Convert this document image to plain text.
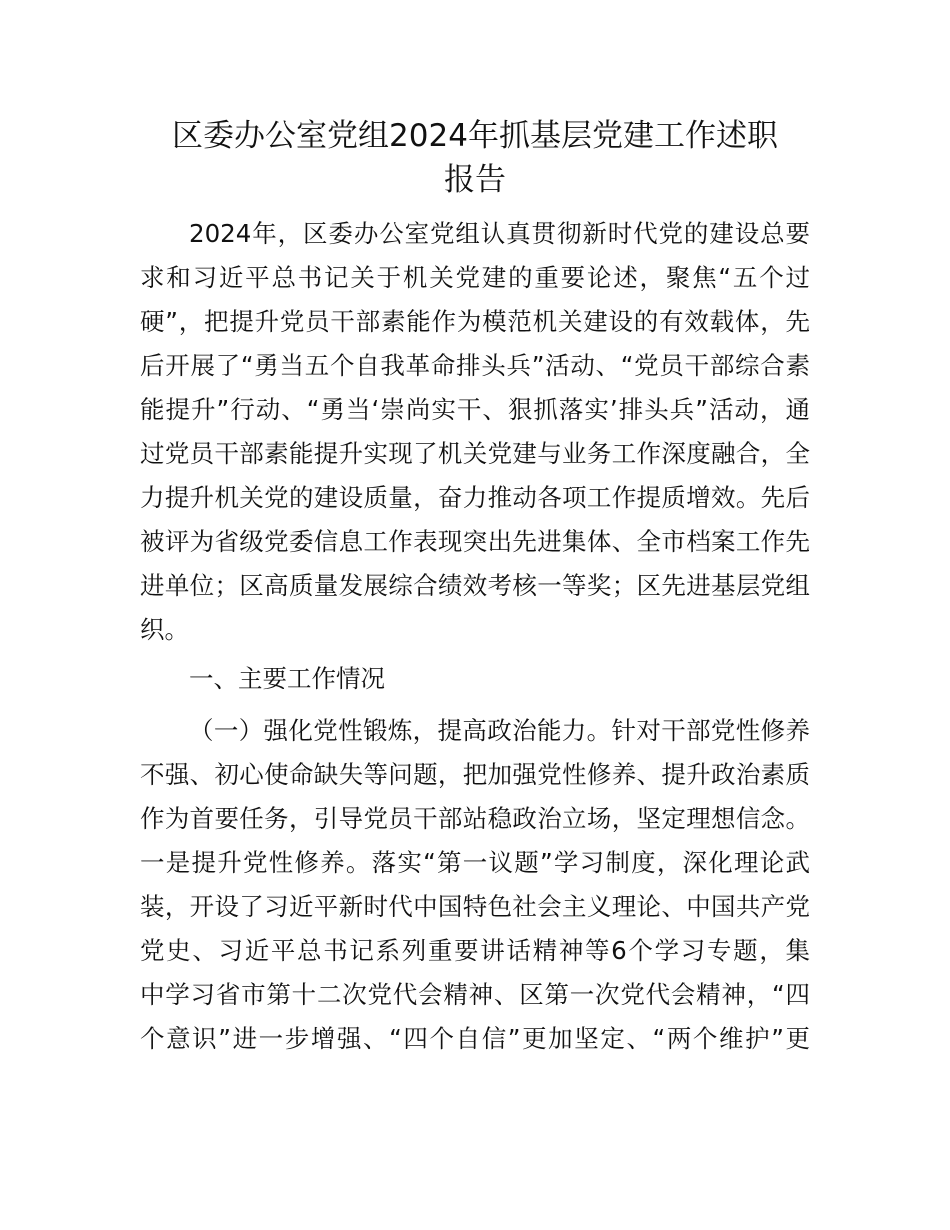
区委办公室党组2024年抓基层党建工作述职
报告
2024年，区委办公室党组认真贯彻新时代党的建设总要
求和习近平总书记关于机关党建的重要论述，聚焦“五个过
硬”，把提升党员干部素能作为模范机关建设的有效载体，先
后开展了“勇当五个自我革命排头兵”活动、“党员干部综合素
能提升”行动、“勇当‘崇尚实干、狠抓落实’排头兵”活动，通
过党员干部素能提升实现了机关党建与业务工作深度融合，全
力提升机关党的建设质量，奋力推动各项工作提质增效。先后
被评为省级党委信息工作表现突出先进集体、全市档案工作先
进单位；区高质量发展综合绩效考核一等奖；区先进基层党组
织。
一、主要工作情况
（一）强化党性锻炼，提高政治能力。针对干部党性修养
不强、初心使命缺失等问题，把加强党性修养、提升政治素质
作为首要任务，引导党员干部站稳政治立场，坚定理想信念。
一是提升党性修养。落实“第一议题”学习制度，深化理论武
装，开设了习近平新时代中国特色社会主义理论、中国共产党
党史、习近平总书记系列重要讲话精神等6个学习专题，集
中学习省市第十二次党代会精神、区第一次党代会精神，“四
个意识”进一步增强、“四个自信”更加坚定、“两个维护”更
